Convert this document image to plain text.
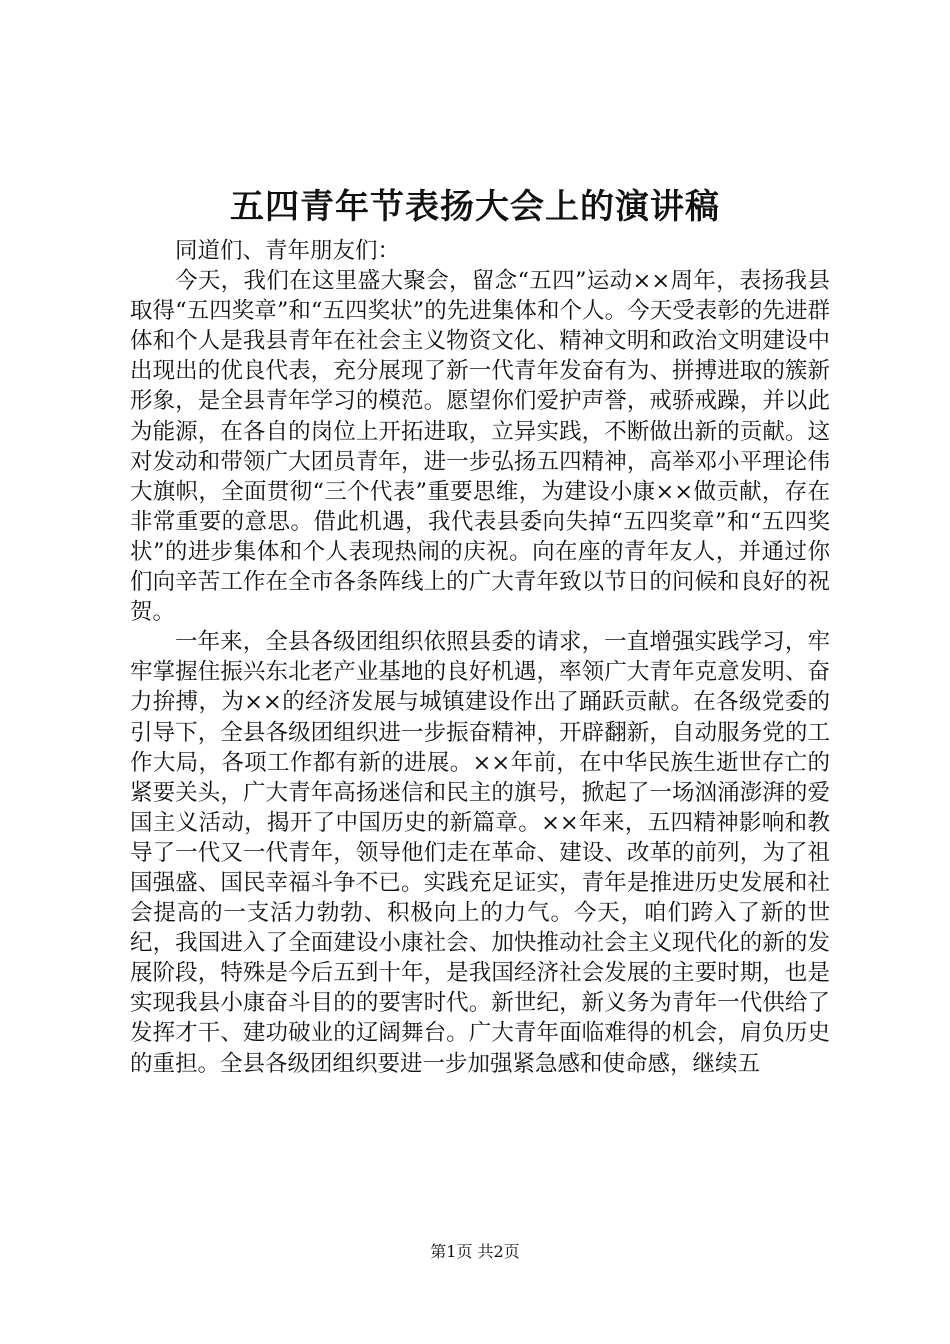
五四青年节表扬大会上的演讲稿

同道们、青年朋友们：

今天，我们在这里盛大聚会，留念“五四”运动××周年，表扬我县取得“五四奖章”和“五四奖状”的先进集体和个人。今天受表彰的先进群体和个人是我县青年在社会主义物资文化、精神文明和政治文明建设中出现出的优良代表，充分展现了新一代青年发奋有为、拼搏进取的簇新形象，是全县青年学习的模范。愿望你们爱护声誉，戒骄戒躁，并以此为能源，在各自的岗位上开拓进取，立异实践，不断做出新的贡献。这对发动和带领广大团员青年，进一步弘扬五四精神，高举邓小平理论伟大旗帜，全面贯彻“三个代表”重要思维，为建设小康××做贡献，存在非常重要的意思。借此机遇，我代表县委向失掉“五四奖章”和“五四奖状”的进步集体和个人表现热闹的庆祝。向在座的青年友人，并通过你们向辛苦工作在全市各条阵线上的广大青年致以节日的问候和良好的祝贺。

一年来，全县各级团组织依照县委的请求，一直增强实践学习，牢牢掌握住振兴东北老产业基地的良好机遇，率领广大青年克意发明、奋力拚搏，为××的经济发展与城镇建设作出了踊跃贡献。在各级党委的引导下，全县各级团组织进一步振奋精神，开辟翻新，自动服务党的工作大局，各项工作都有新的进展。××年前，在中华民族生逝世存亡的紧要关头，广大青年高扬迷信和民主的旗号，掀起了一场汹涌澎湃的爱国主义活动，揭开了中国历史的新篇章。××年来，五四精神影响和教导了一代又一代青年，领导他们走在革命、建设、改革的前列，为了祖国强盛、国民幸福斗争不已。实践充足证实，青年是推进历史发展和社会提高的一支活力勃勃、积极向上的力气。今天，咱们跨入了新的世纪，我国进入了全面建设小康社会、加快推动社会主义现代化的新的发展阶段，特殊是今后五到十年，是我国经济社会发展的主要时期，也是实现我县小康奋斗目的的要害时代。新世纪，新义务为青年一代供给了发挥才干、建功破业的辽阔舞台。广大青年面临难得的机会，肩负历史的重担。全县各级团组织要进一步加强紧急感和使命感，继续五

第1页 共2页
